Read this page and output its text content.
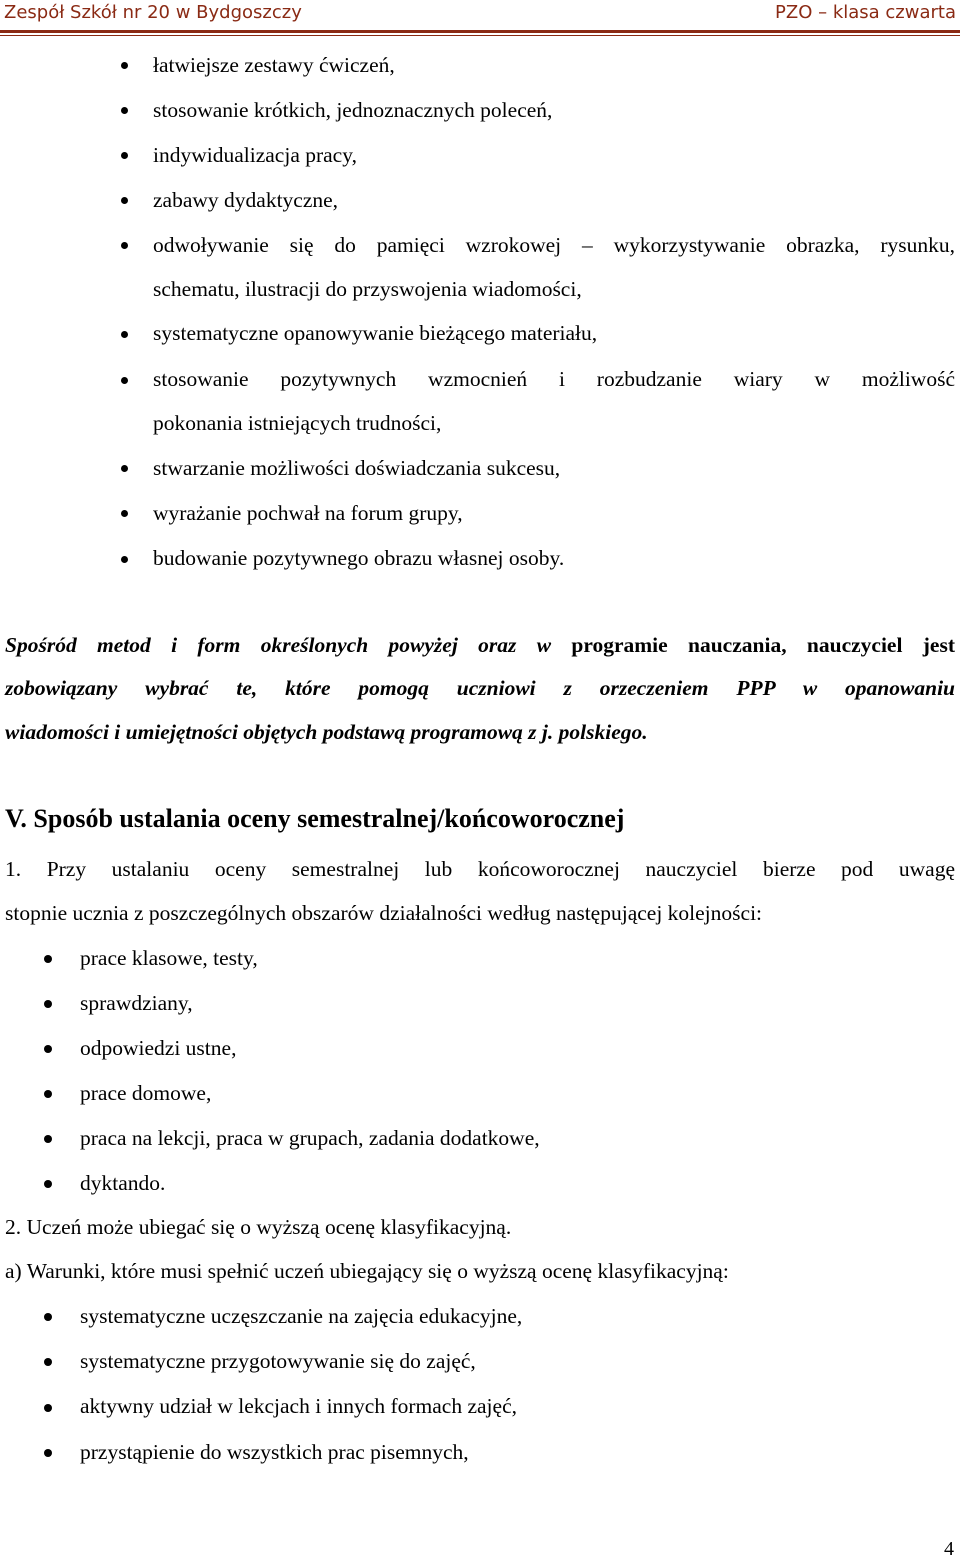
Zespół Szkół nr 20 w Bydgoszczy	PZO – klasa czwarta
łatwiejsze zestawy ćwiczeń,
stosowanie krótkich, jednoznacznych poleceń,
indywidualizacja pracy,
zabawy dydaktyczne,
odwoływanie się do pamięci wzrokowej – wykorzystywanie obrazka, rysunku,
schematu, ilustracji do przyswojenia wiadomości,
systematyczne opanowywanie bieżącego materiału,
stosowanie pozytywnych wzmocnień i rozbudzanie wiary w możliwość
pokonania istniejących trudności,
stwarzanie możliwości doświadczania sukcesu,
wyrażanie pochwał na forum grupy,
budowanie pozytywnego obrazu własnej osoby.
Spośród metod i form określonych powyżej oraz w programie nauczania, nauczyciel jest
zobowiązany wybrać te, które pomogą uczniowi z orzeczeniem PPP w opanowaniu
wiadomości i umiejętności objętych podstawą programową z j. polskiego.
V. Sposób ustalania oceny semestralnej/końcoworocznej
1. Przy ustalaniu oceny semestralnej lub końcoworocznej nauczyciel bierze pod uwagę
stopnie ucznia z poszczególnych obszarów działalności według następującej kolejności:
prace klasowe, testy,
sprawdziany,
odpowiedzi ustne,
prace domowe,
praca na lekcji, praca w grupach, zadania dodatkowe,
dyktando.
2. Uczeń może ubiegać się o wyższą ocenę klasyfikacyjną.
a) Warunki, które musi spełnić uczeń ubiegający się o wyższą ocenę klasyfikacyjną:
systematyczne uczęszczanie na zajęcia edukacyjne,
systematyczne przygotowywanie się do zajęć,
aktywny udział w lekcjach i innych formach zajęć,
przystąpienie do wszystkich prac pisemnych,
4
